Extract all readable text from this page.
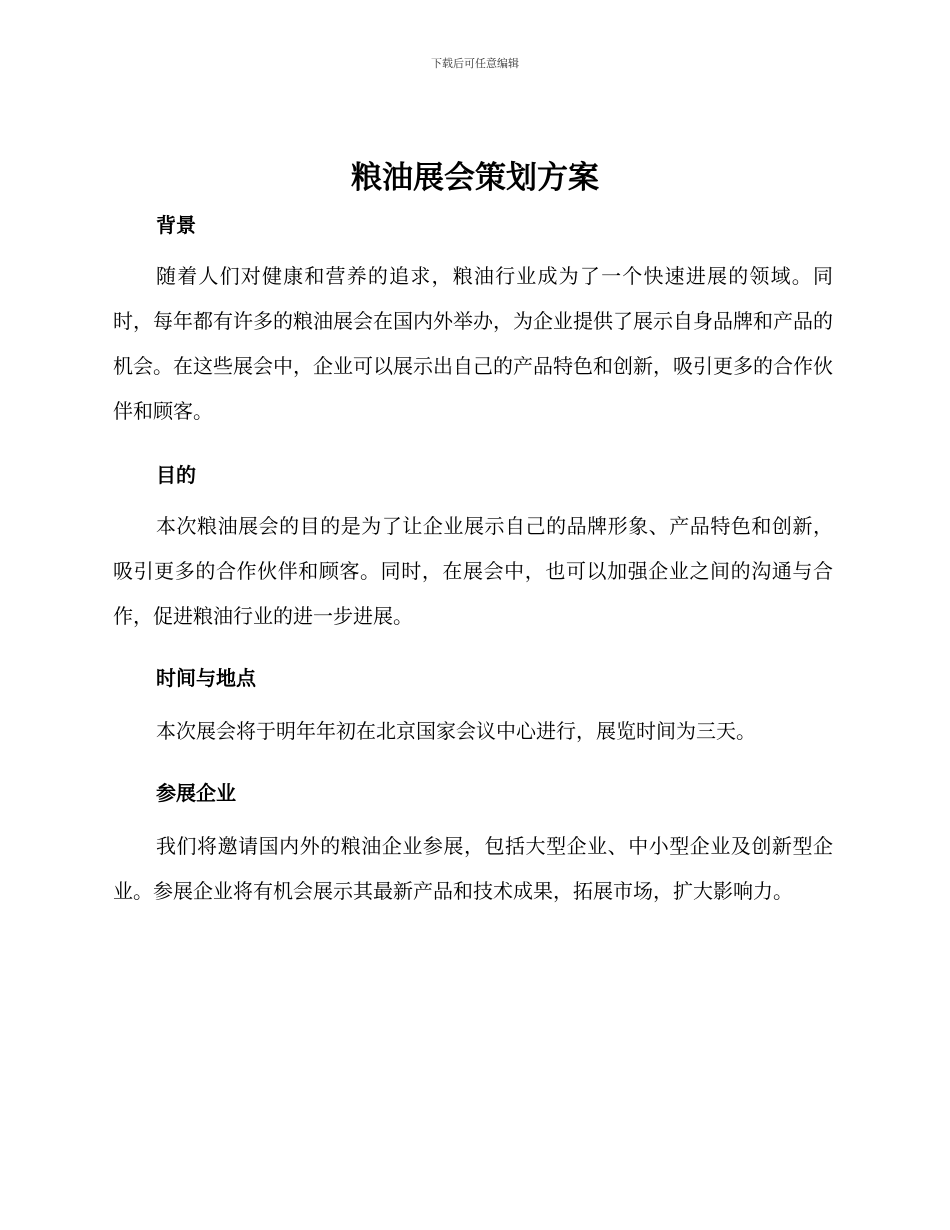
下载后可任意编辑
粮油展会策划方案
背景

随着人们对健康和营养的追求，粮油行业成为了一个快速进展的领域。同时，每年都有许多的粮油展会在国内外举办，为企业提供了展示自身品牌和产品的机会。在这些展会中，企业可以展示出自己的产品特色和创新，吸引更多的合作伙伴和顾客。

目的

本次粮油展会的目的是为了让企业展示自己的品牌形象、产品特色和创新，吸引更多的合作伙伴和顾客。同时，在展会中，也可以加强企业之间的沟通与合作，促进粮油行业的进一步进展。

时间与地点

本次展会将于明年年初在北京国家会议中心进行，展览时间为三天。

参展企业

我们将邀请国内外的粮油企业参展，包括大型企业、中小型企业及创新型企业。参展企业将有机会展示其最新产品和技术成果，拓展市场，扩大影响力。
